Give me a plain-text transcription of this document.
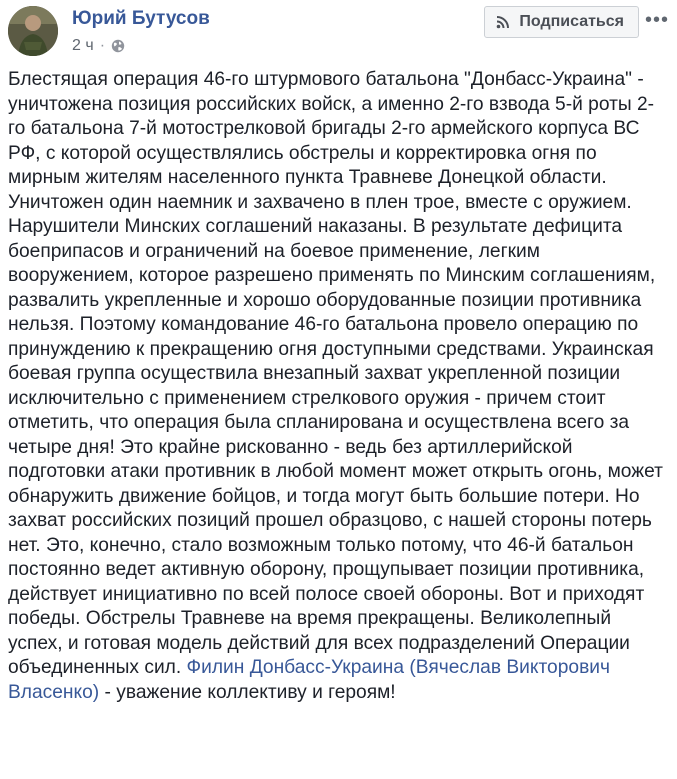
Юрий Бутусов
2 ч ·
Подписаться •••
Блестящая операция 46-го штурмового батальона "Донбасс-Украина" - уничтожена позиция российских войск, а именно 2-го взвода 5-й роты 2-го батальона 7-й мотострелковой бригады 2-го армейского корпуса ВС РФ, с которой осуществлялись обстрелы и корректировка огня по мирным жителям населенного пункта Травневе Донецкой области. Уничтожен один наемник и захвачено в плен трое, вместе с оружием. Нарушители Минских соглашений наказаны. В результате дефицита боеприпасов и ограничений на боевое применение, легким вооружением, которое разрешено применять по Минским соглашениям, развалить укрепленные и хорошо оборудованные позиции противника нельзя. Поэтому командование 46-го батальона провело операцию по принуждению к прекращению огня доступными средствами. Украинская боевая группа осуществила внезапный захват укрепленной позиции исключительно с применением стрелкового оружия - причем стоит отметить, что операция была спланирована и осуществлена всего за четыре дня! Это крайне рискованно - ведь без артиллерийской подготовки атаки противник в любой момент может открыть огонь, может обнаружить движение бойцов, и тогда могут быть большие потери. Но захват российских позиций прошел образцово, с нашей стороны потерь нет. Это, конечно, стало возможным только потому, что 46-й батальон постоянно ведет активную оборону, прощупывает позиции противника, действует инициативно по всей полосе своей обороны. Вот и приходят победы. Обстрелы Травневе на время прекращены. Великолепный успех, и готовая модель действий для всех подразделений Операции объединенных сил. Филин Донбасс-Украина (Вячеслав Викторович Власенко) - уважение коллективу и героям!
